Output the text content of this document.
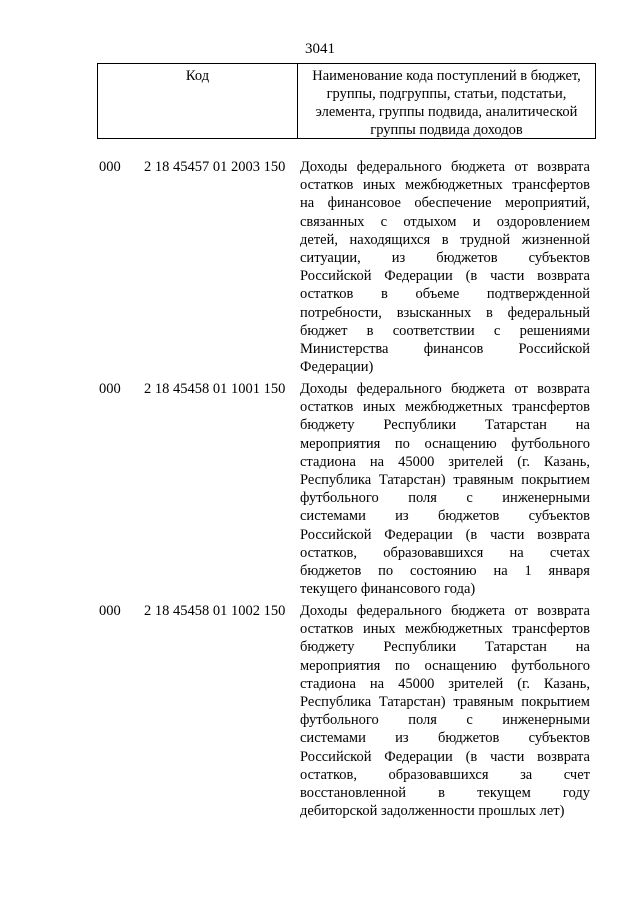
3041
Код	Наименование кода поступлений в бюджет,
группы, подгруппы, статьи, подстатьи,
элемента, группы подвида, аналитической
группы подвида доходов
000 2 18 45457 01 2003 150 Доходы федерального бюджета от возврата
остатков иных межбюджетных трансфертов
на финансовое обеспечение мероприятий,
связанных с отдыхом и оздоровлением
детей, находящихся в трудной жизненной
ситуации, из бюджетов субъектов
Российской Федерации (в части возврата
остатков в объеме подтвержденной
потребности, взысканных в федеральный
бюджет в соответствии с решениями
Министерства финансов Российской
Федерации)
000 2 18 45458 01 1001 150 Доходы федерального бюджета от возврата
остатков иных межбюджетных трансфертов
бюджету Республики Татарстан на
мероприятия по оснащению футбольного
стадиона на 45000 зрителей (г. Казань,
Республика Татарстан) травяным покрытием
футбольного поля с инженерными
системами из бюджетов субъектов
Российской Федерации (в части возврата
остатков, образовавшихся на счетах
бюджетов по состоянию на 1 января
текущего финансового года)
000 2 18 45458 01 1002 150 Доходы федерального бюджета от возврата
остатков иных межбюджетных трансфертов
бюджету Республики Татарстан на
мероприятия по оснащению футбольного
стадиона на 45000 зрителей (г. Казань,
Республика Татарстан) травяным покрытием
футбольного поля с инженерными
системами из бюджетов субъектов
Российской Федерации (в части возврата
остатков, образовавшихся за счет
восстановленной в текущем году
дебиторской задолженности прошлых лет)
